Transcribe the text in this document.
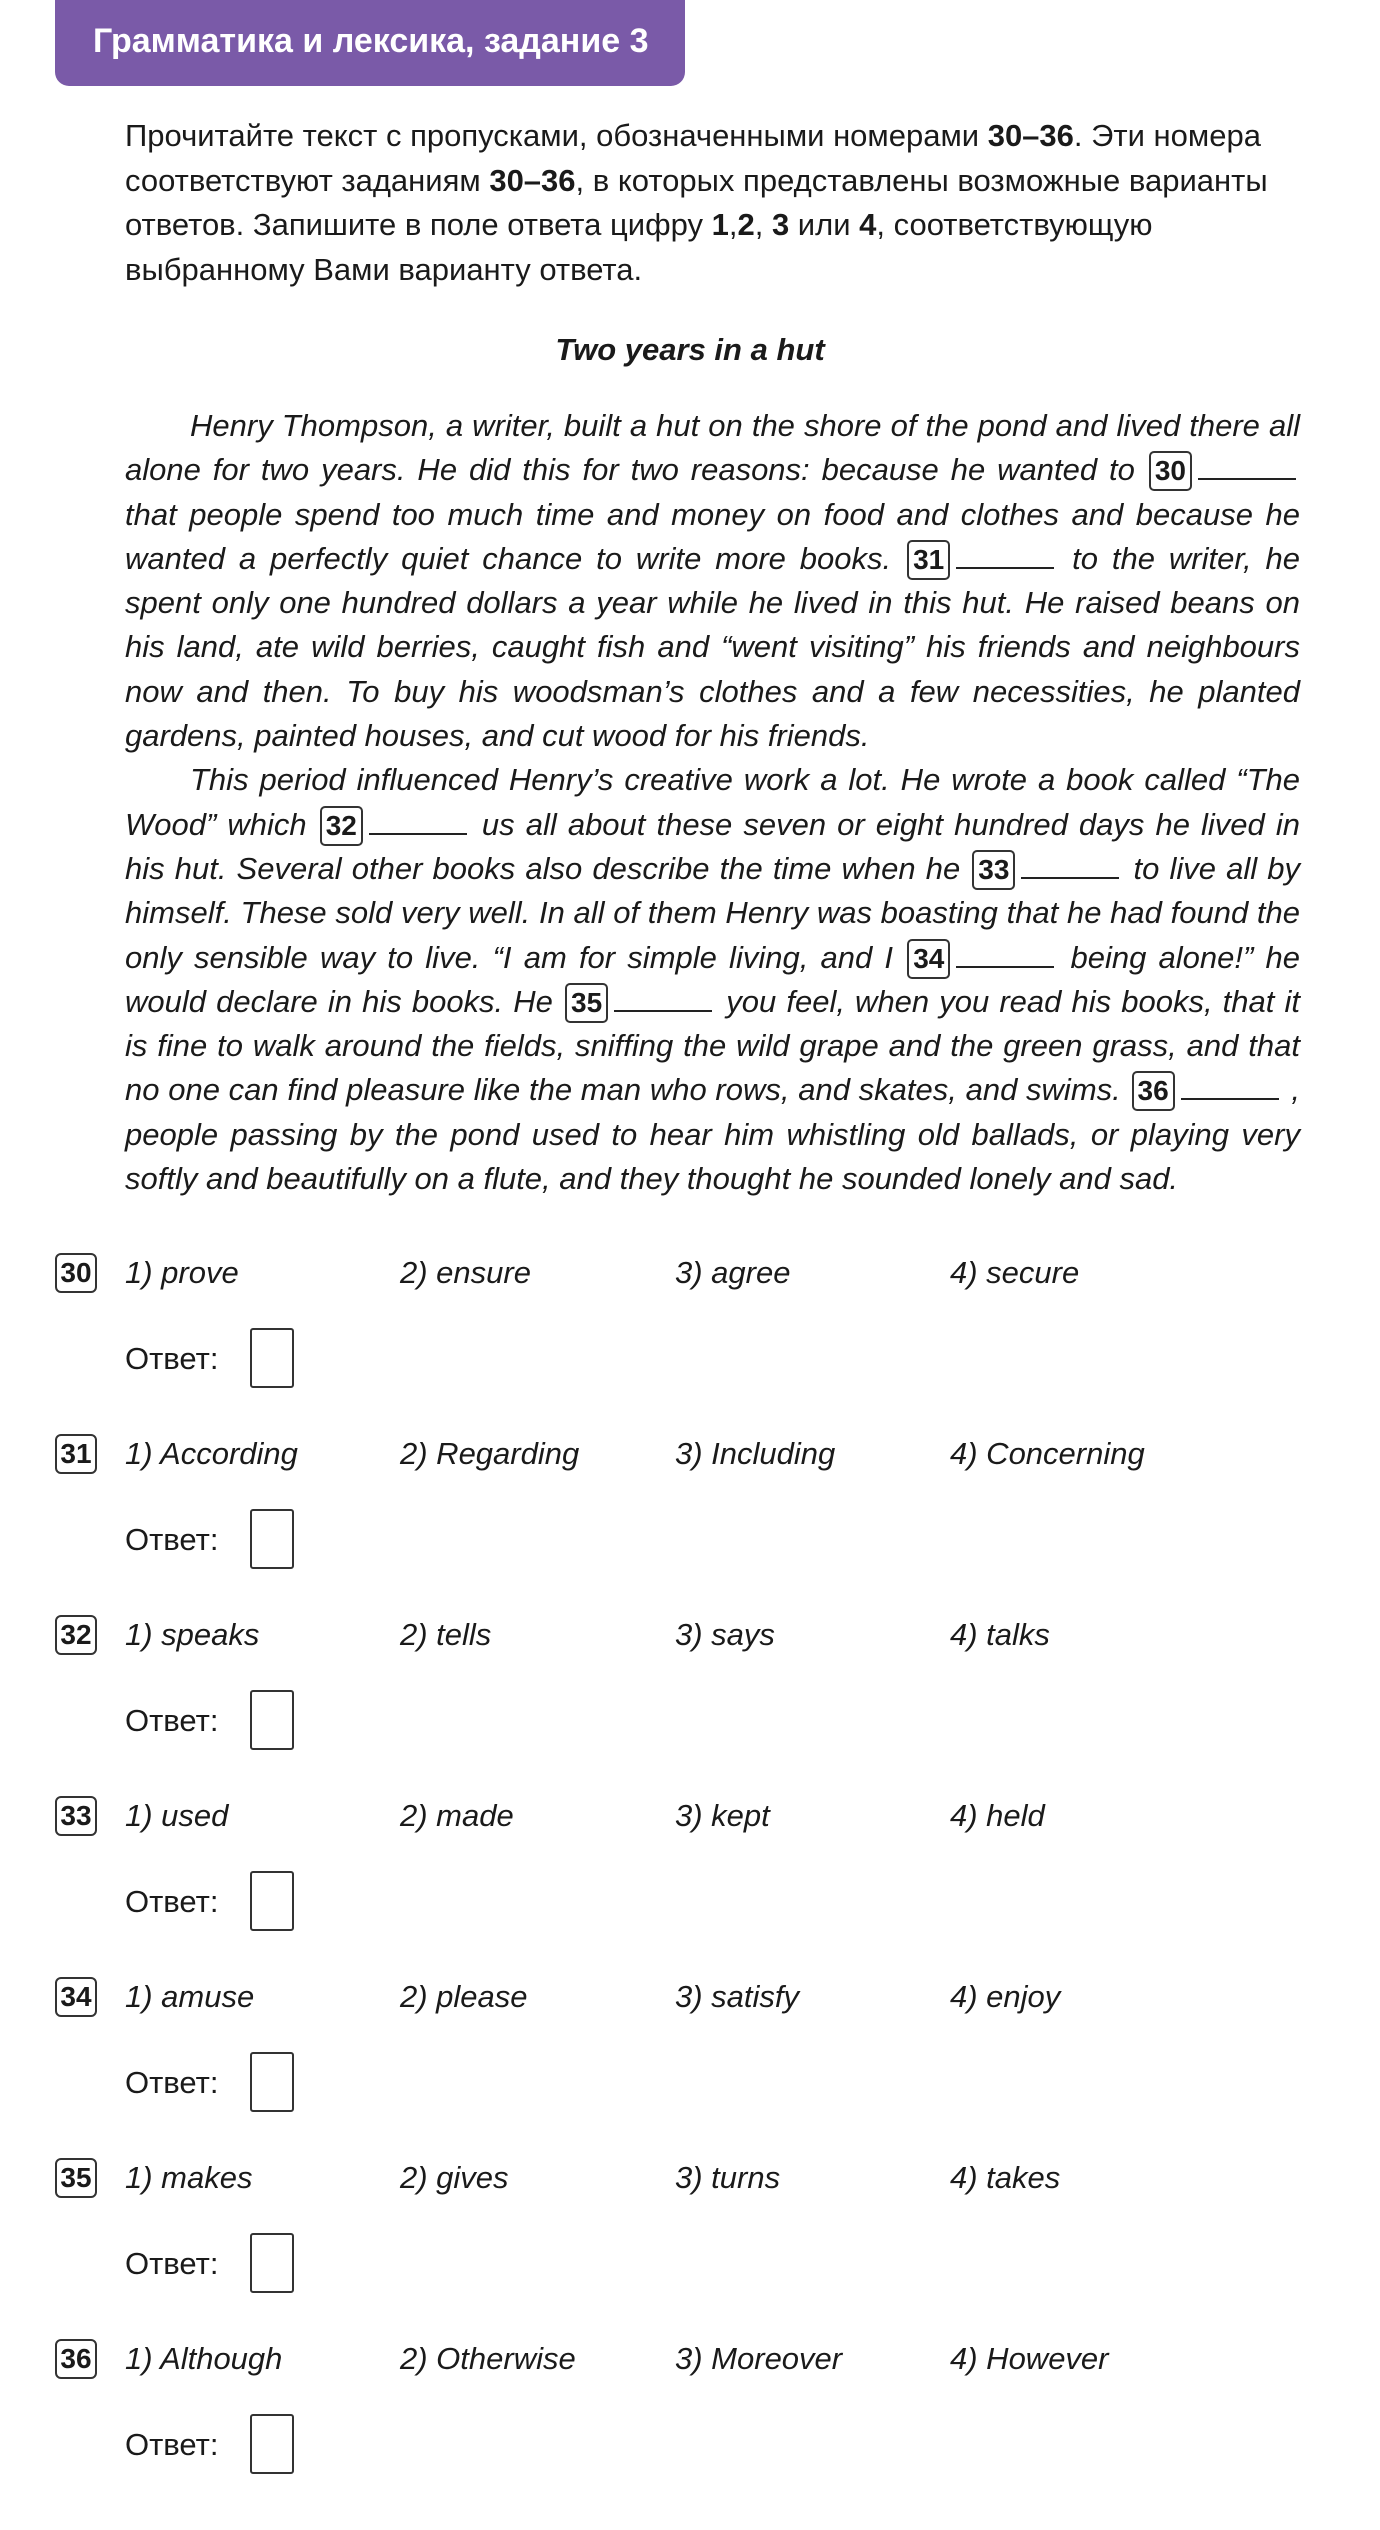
Грамматика и лексика, задание 3
Прочитайте текст с пропусками, обозначенными номерами 30–36. Эти номера соответствуют заданиям 30–36, в которых представлены возможные варианты ответов. Запишите в поле ответа цифру 1,2, 3 или 4, соответствующую выбранному Вами варианту ответа.
Two years in a hut

Henry Thompson, a writer, built a hut on the shore of the pond and lived there all alone for two years. He did this for two reasons: because he wanted to 30 that people spend too much time and money on food and clothes and because he wanted a perfectly quiet chance to write more books. 31	to the writer, he spent only one hundred dollars a year while he lived in this hut. He raised beans on his land, ate wild berries, caught fish and “went visiting” his friends and neighbours now and then. To buy his woodsman’s clothes and a few necessities, he planted gardens, painted houses, and cut wood for his friends.

This period influenced Henry’s creative work a lot. He wrote a book called “The Wood” which 32	us all about these seven or eight hundred days he lived in his hut. Several other books also describe the time when he 33	to live all by himself. These sold very well. In all of them Henry was boasting that he had found the only sensible way to live. “I am for simple living, and I 34	being alone!” he would declare in his books. He 35	you feel, when you read his books, that it is fine to walk around the fields, sniffing the wild grape and the green grass, and that no one can find pleasure like the man who rows, and skates, and swims. 36	, people passing by the pond used to hear him whistling old ballads, or playing very softly and beautifully on a flute, and they thought he sounded lonely and sad.

30 1) prove	2) ensure	3) agree	4) secure
Ответ:
31 1) According	2) Regarding	3) Including	4) Concerning
Ответ:
32 1) speaks	2) tells	3) says	4) talks
Ответ:
33 1) used	2) made	3) kept	4) held
Ответ:
34 1) amuse	2) please	3) satisfy	4) enjoy
Ответ:
35 1) makes	2) gives	3) turns	4) takes
Ответ:
36 1) Although	2) Otherwise	3) Moreover	4) However
Ответ:
